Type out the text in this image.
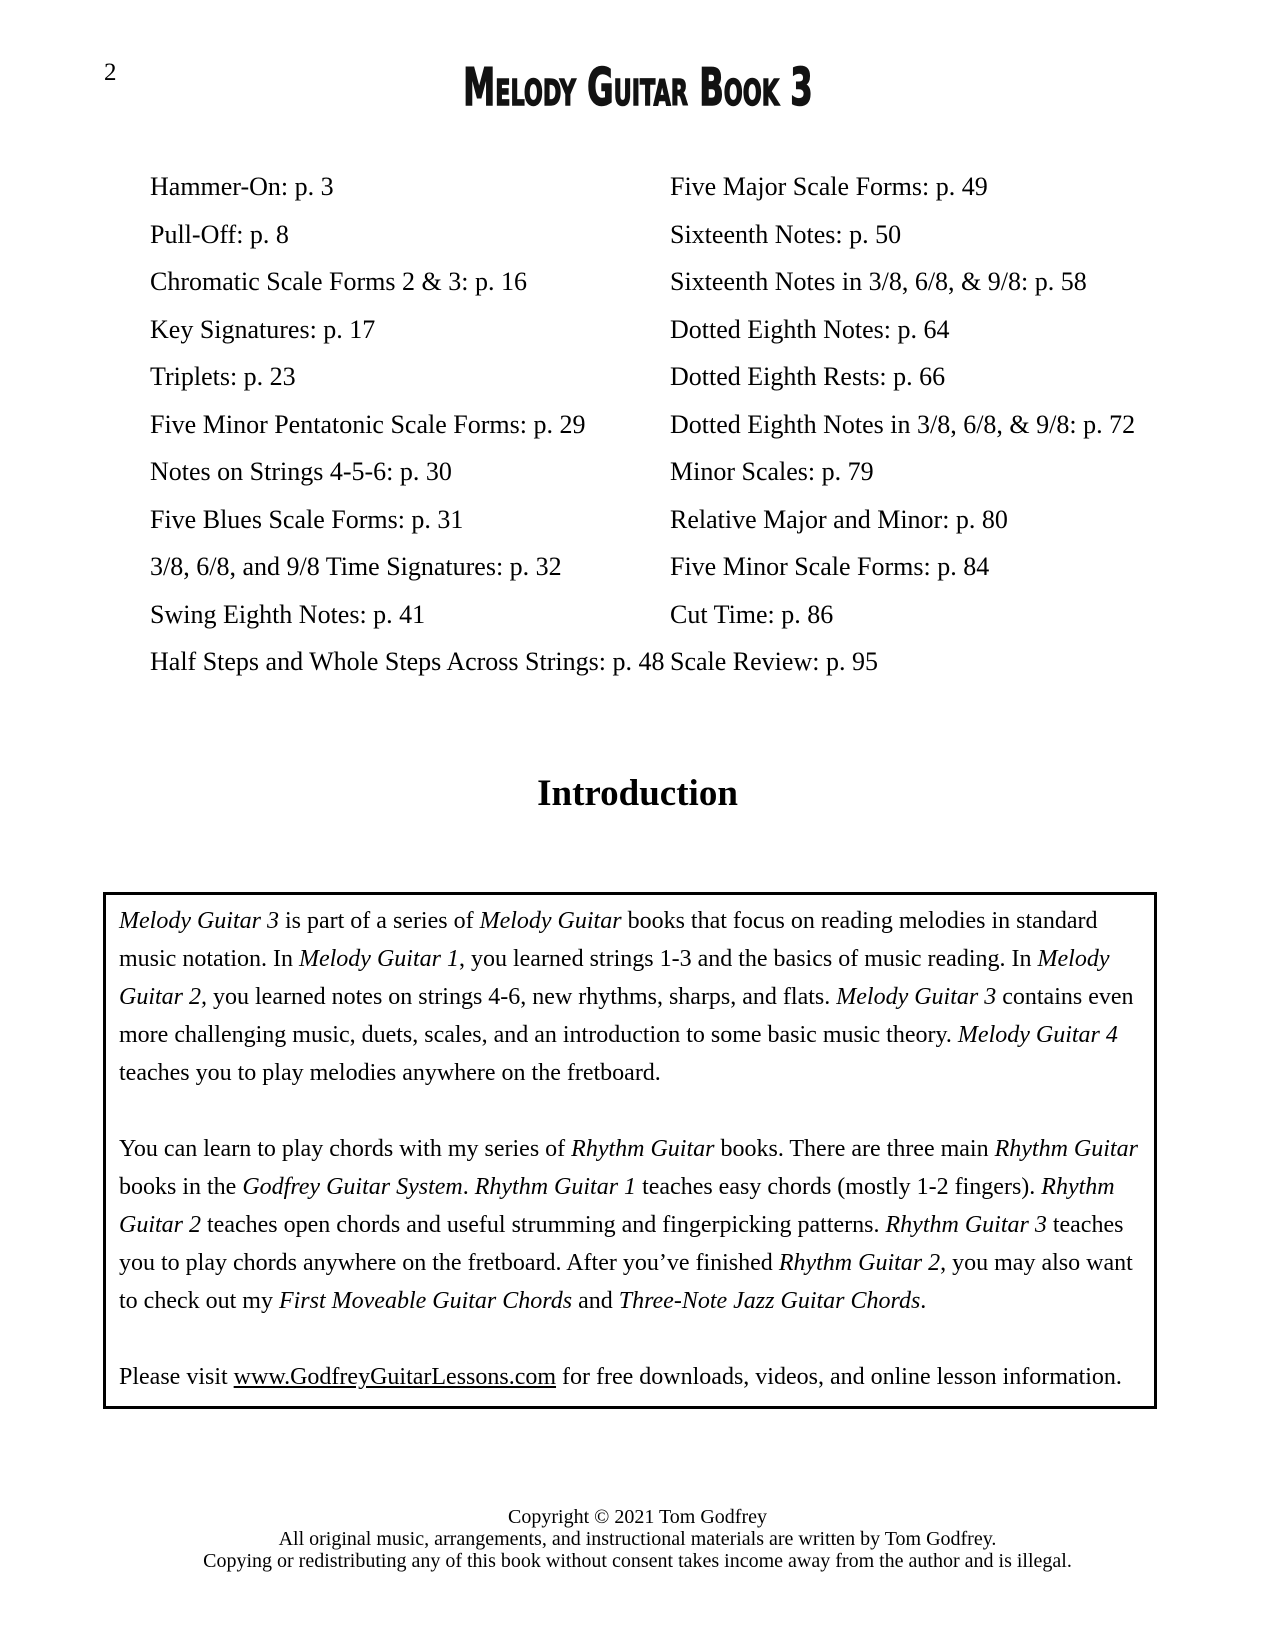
2	Melody Guitar Book 3
Hammer-On: p. 3
Pull-Off: p. 8
Chromatic Scale Forms 2 & 3: p. 16
Key Signatures: p. 17
Triplets: p. 23
Five Minor Pentatonic Scale Forms: p. 29
Notes on Strings 4-5-6: p. 30
Five Blues Scale Forms: p. 31
3/8, 6/8, and 9/8 Time Signatures: p. 32
Swing Eighth Notes: p. 41
Half Steps and Whole Steps Across Strings: p. 48
Five Major Scale Forms: p. 49
Sixteenth Notes: p. 50
Sixteenth Notes in 3/8, 6/8, & 9/8: p. 58
Dotted Eighth Notes: p. 64
Dotted Eighth Rests: p. 66
Dotted Eighth Notes in 3/8, 6/8, & 9/8: p. 72
Minor Scales: p. 79
Relative Major and Minor: p. 80
Five Minor Scale Forms: p. 84
Cut Time: p. 86
Scale Review: p. 95
Introduction

Melody Guitar 3 is part of a series of Melody Guitar books that focus on reading melodies in standard music notation. In Melody Guitar 1, you learned strings 1-3 and the basics of music reading. In Melody Guitar 2, you learned notes on strings 4-6, new rhythms, sharps, and flats. Melody Guitar 3 contains even more challenging music, duets, scales, and an introduction to some basic music theory. Melody Guitar 4 teaches you to play melodies anywhere on the fretboard.

You can learn to play chords with my series of Rhythm Guitar books. There are three main Rhythm Guitar books in the Godfrey Guitar System. Rhythm Guitar 1 teaches easy chords (mostly 1-2 fingers). Rhythm Guitar 2 teaches open chords and useful strumming and fingerpicking patterns. Rhythm Guitar 3 teaches you to play chords anywhere on the fretboard. After you’ve finished Rhythm Guitar 2, you may also want to check out my First Moveable Guitar Chords and Three-Note Jazz Guitar Chords.

Please visit www.GodfreyGuitarLessons.com for free downloads, videos, and online lesson information.

Copyright © 2021 Tom Godfrey
All original music, arrangements, and instructional materials are written by Tom Godfrey.
Copying or redistributing any of this book without consent takes income away from the author and is illegal.
